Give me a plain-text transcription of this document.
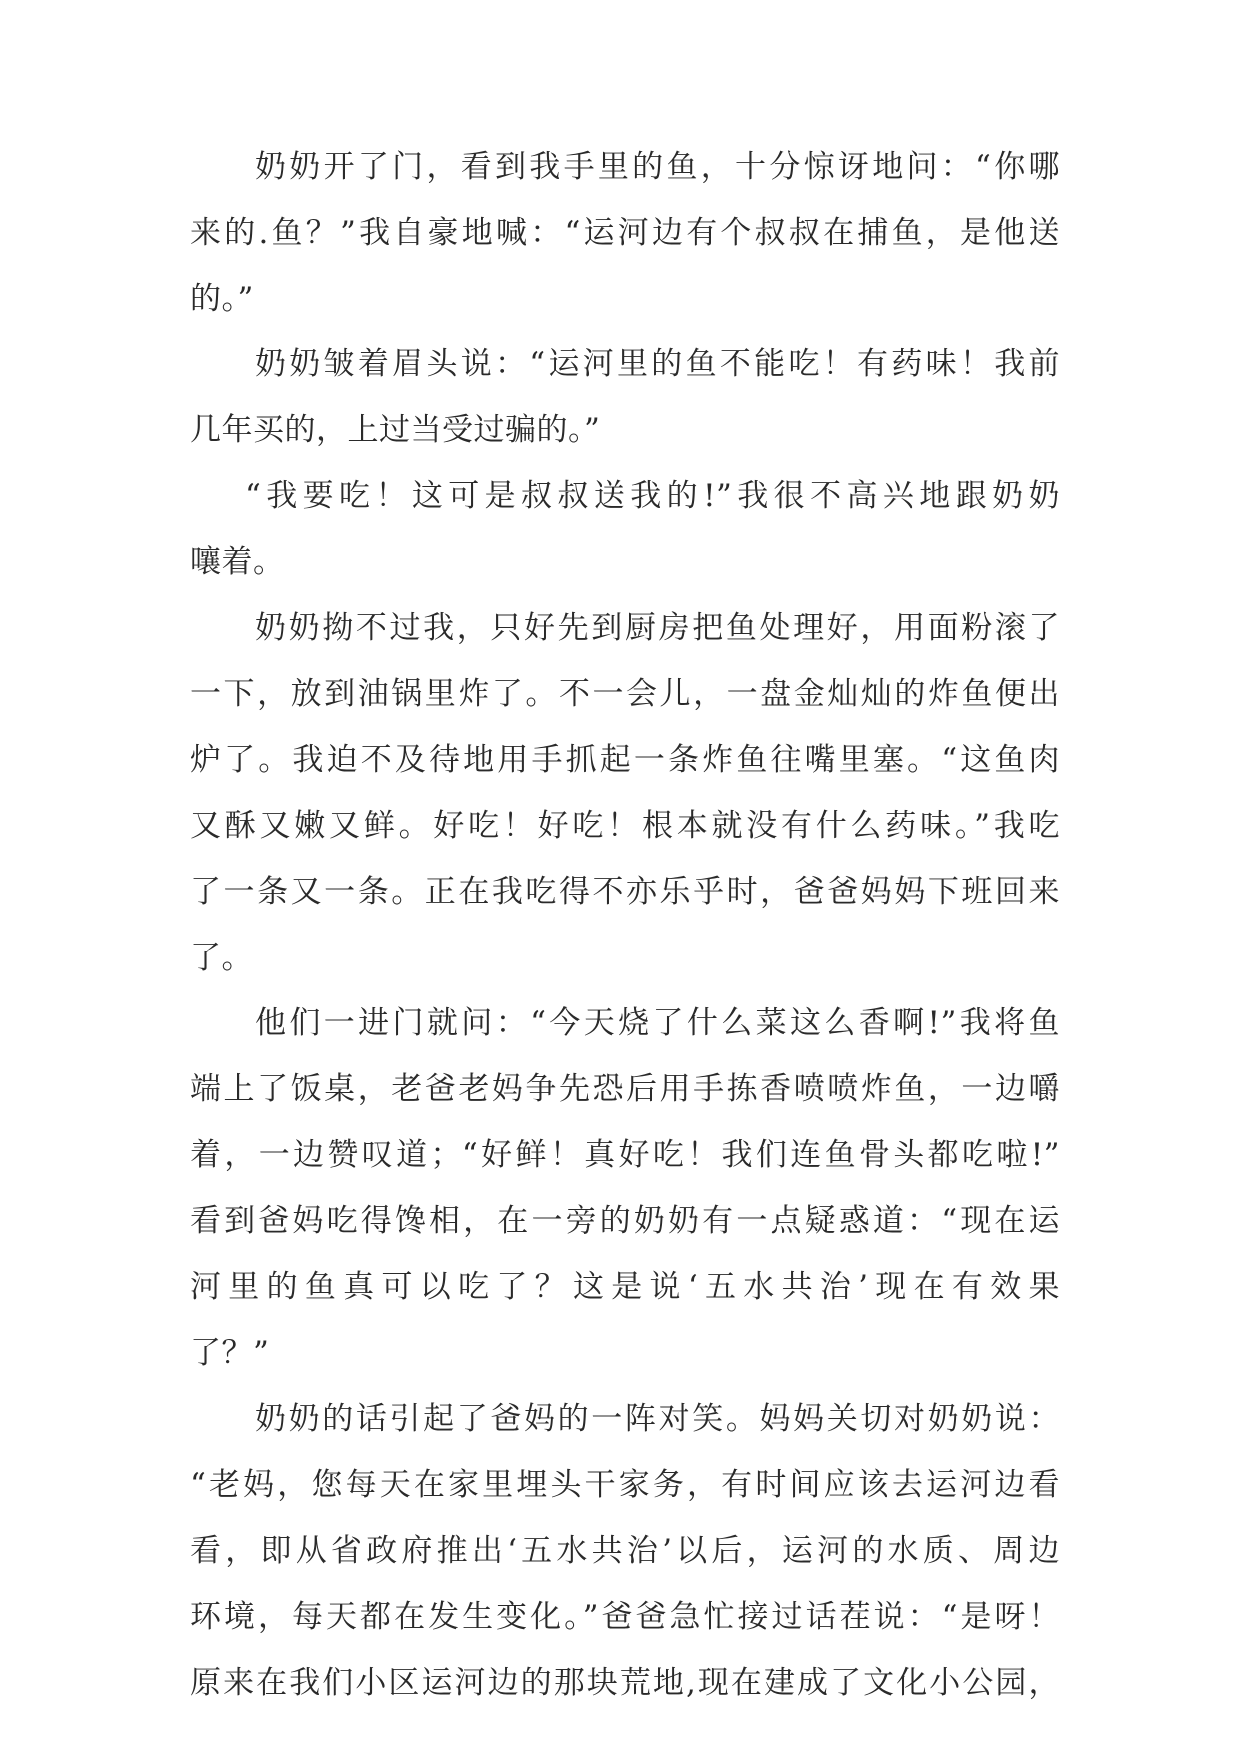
奶奶开了门，看到我手里的鱼，十分惊讶地问：“你哪
来的.鱼？”我自豪地喊：“运河边有个叔叔在捕鱼，是他送
的。”
奶奶皱着眉头说：“运河里的鱼不能吃！有药味！我前
几年买的，上过当受过骗的。”
“我要吃！这可是叔叔送我的!”我很不高兴地跟奶奶
嚷着。
奶奶拗不过我，只好先到厨房把鱼处理好，用面粉滚了
一下，放到油锅里炸了。不一会儿，一盘金灿灿的炸鱼便出
炉了。我迫不及待地用手抓起一条炸鱼往嘴里塞。“这鱼肉
又酥又嫩又鲜。好吃！好吃！根本就没有什么药味。”我吃
了一条又一条。正在我吃得不亦乐乎时，爸爸妈妈下班回来
了。
他们一进门就问：“今天烧了什么菜这么香啊!”我将鱼
端上了饭桌，老爸老妈争先恐后用手拣香喷喷炸鱼，一边嚼
着，一边赞叹道；“好鲜！真好吃！我们连鱼骨头都吃啦!”
看到爸妈吃得馋相，在一旁的奶奶有一点疑惑道：“现在运
河里的鱼真可以吃了？这是说‘五水共治’现在有效果
了？”
奶奶的话引起了爸妈的一阵对笑。妈妈关切对奶奶说：
“老妈，您每天在家里埋头干家务，有时间应该去运河边看
看，即从省政府推出‘五水共治’以后，运河的水质、周边
环境，每天都在发生变化。”爸爸急忙接过话茬说：“是呀！
原来在我们小区运河边的那块荒地,现在建成了文化小公园，
